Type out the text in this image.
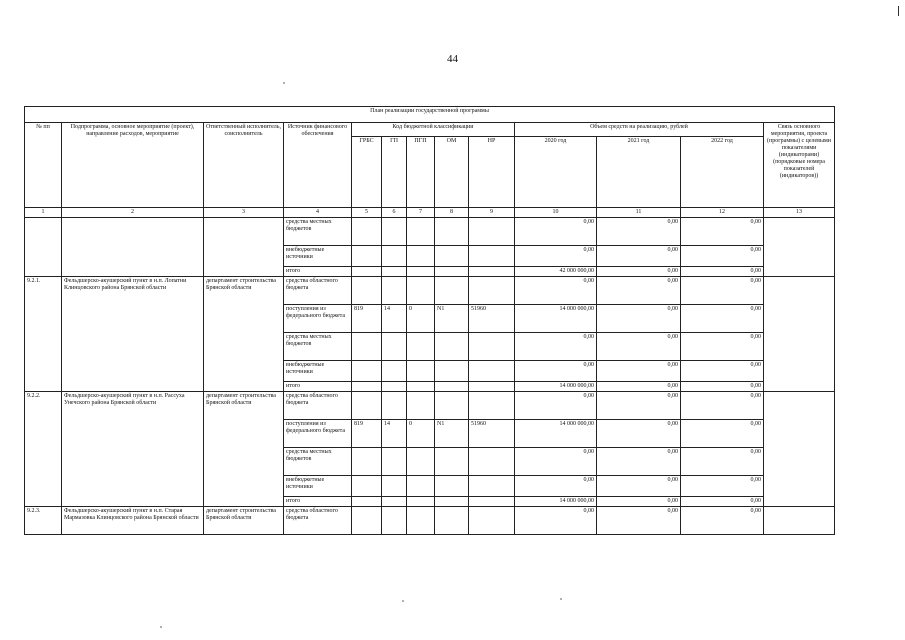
44
План реализации государственной программы												
№ пп	Подпрограмма, основное мероприятие (проект), направление расходов, мероприятие	Ответственный исполнитель, соисполнитель	Источник финансового обеспечения	Код бюджетной классификации					Объем средств на реализацию, рублей			Связь основного мероприятия, проекта (программы) с целевыми показателями (индикаторами) (порядковые номера показателей (индикаторов))
				ГРБС	ГП	ПГП	ОМ	НР	2020 год	2021 год	2022 год	
1	2	3	4	5	6	7	8	9	10	11	12	13
			средства местных бюджетов						0,00	0,00	0,00	
			внебюджетные источники						0,00	0,00	0,00	
			итого						42 000 000,00	0,00	0,00	
9.2.1.	Фельдшерско-акушерский пункт в н.п. Лопатни Клинцовского района Брянской области	департамент строительства Брянской области	средства областного бюджета						0,00	0,00	0,00	
			поступления из федерального бюджета	819	14	0	N1	51960	14 000 000,00	0,00	0,00	
			средства местных бюджетов						0,00	0,00	0,00	
			внебюджетные источники						0,00	0,00	0,00	
			итого						14 000 000,00	0,00	0,00	
9.2.2.	Фельдшерско-акушерский пункт в н.п. Рассуха Унечского района Брянской области	департамент строительства Брянской области	средства областного бюджета						0,00	0,00	0,00	
			поступления из федерального бюджета	819	14	0	N1	51960	14 000 000,00	0,00	0,00	
			средства местных бюджетов						0,00	0,00	0,00	
			внебюджетные источники						0,00	0,00	0,00	
			итого						14 000 000,00	0,00	0,00	
9.2.3.	Фельдшерско-акушерский пункт в н.п. Старая Мармазовка Клинцовского района Брянской области	департамент строительства Брянской области	средства областного бюджета						0,00	0,00	0,00	
